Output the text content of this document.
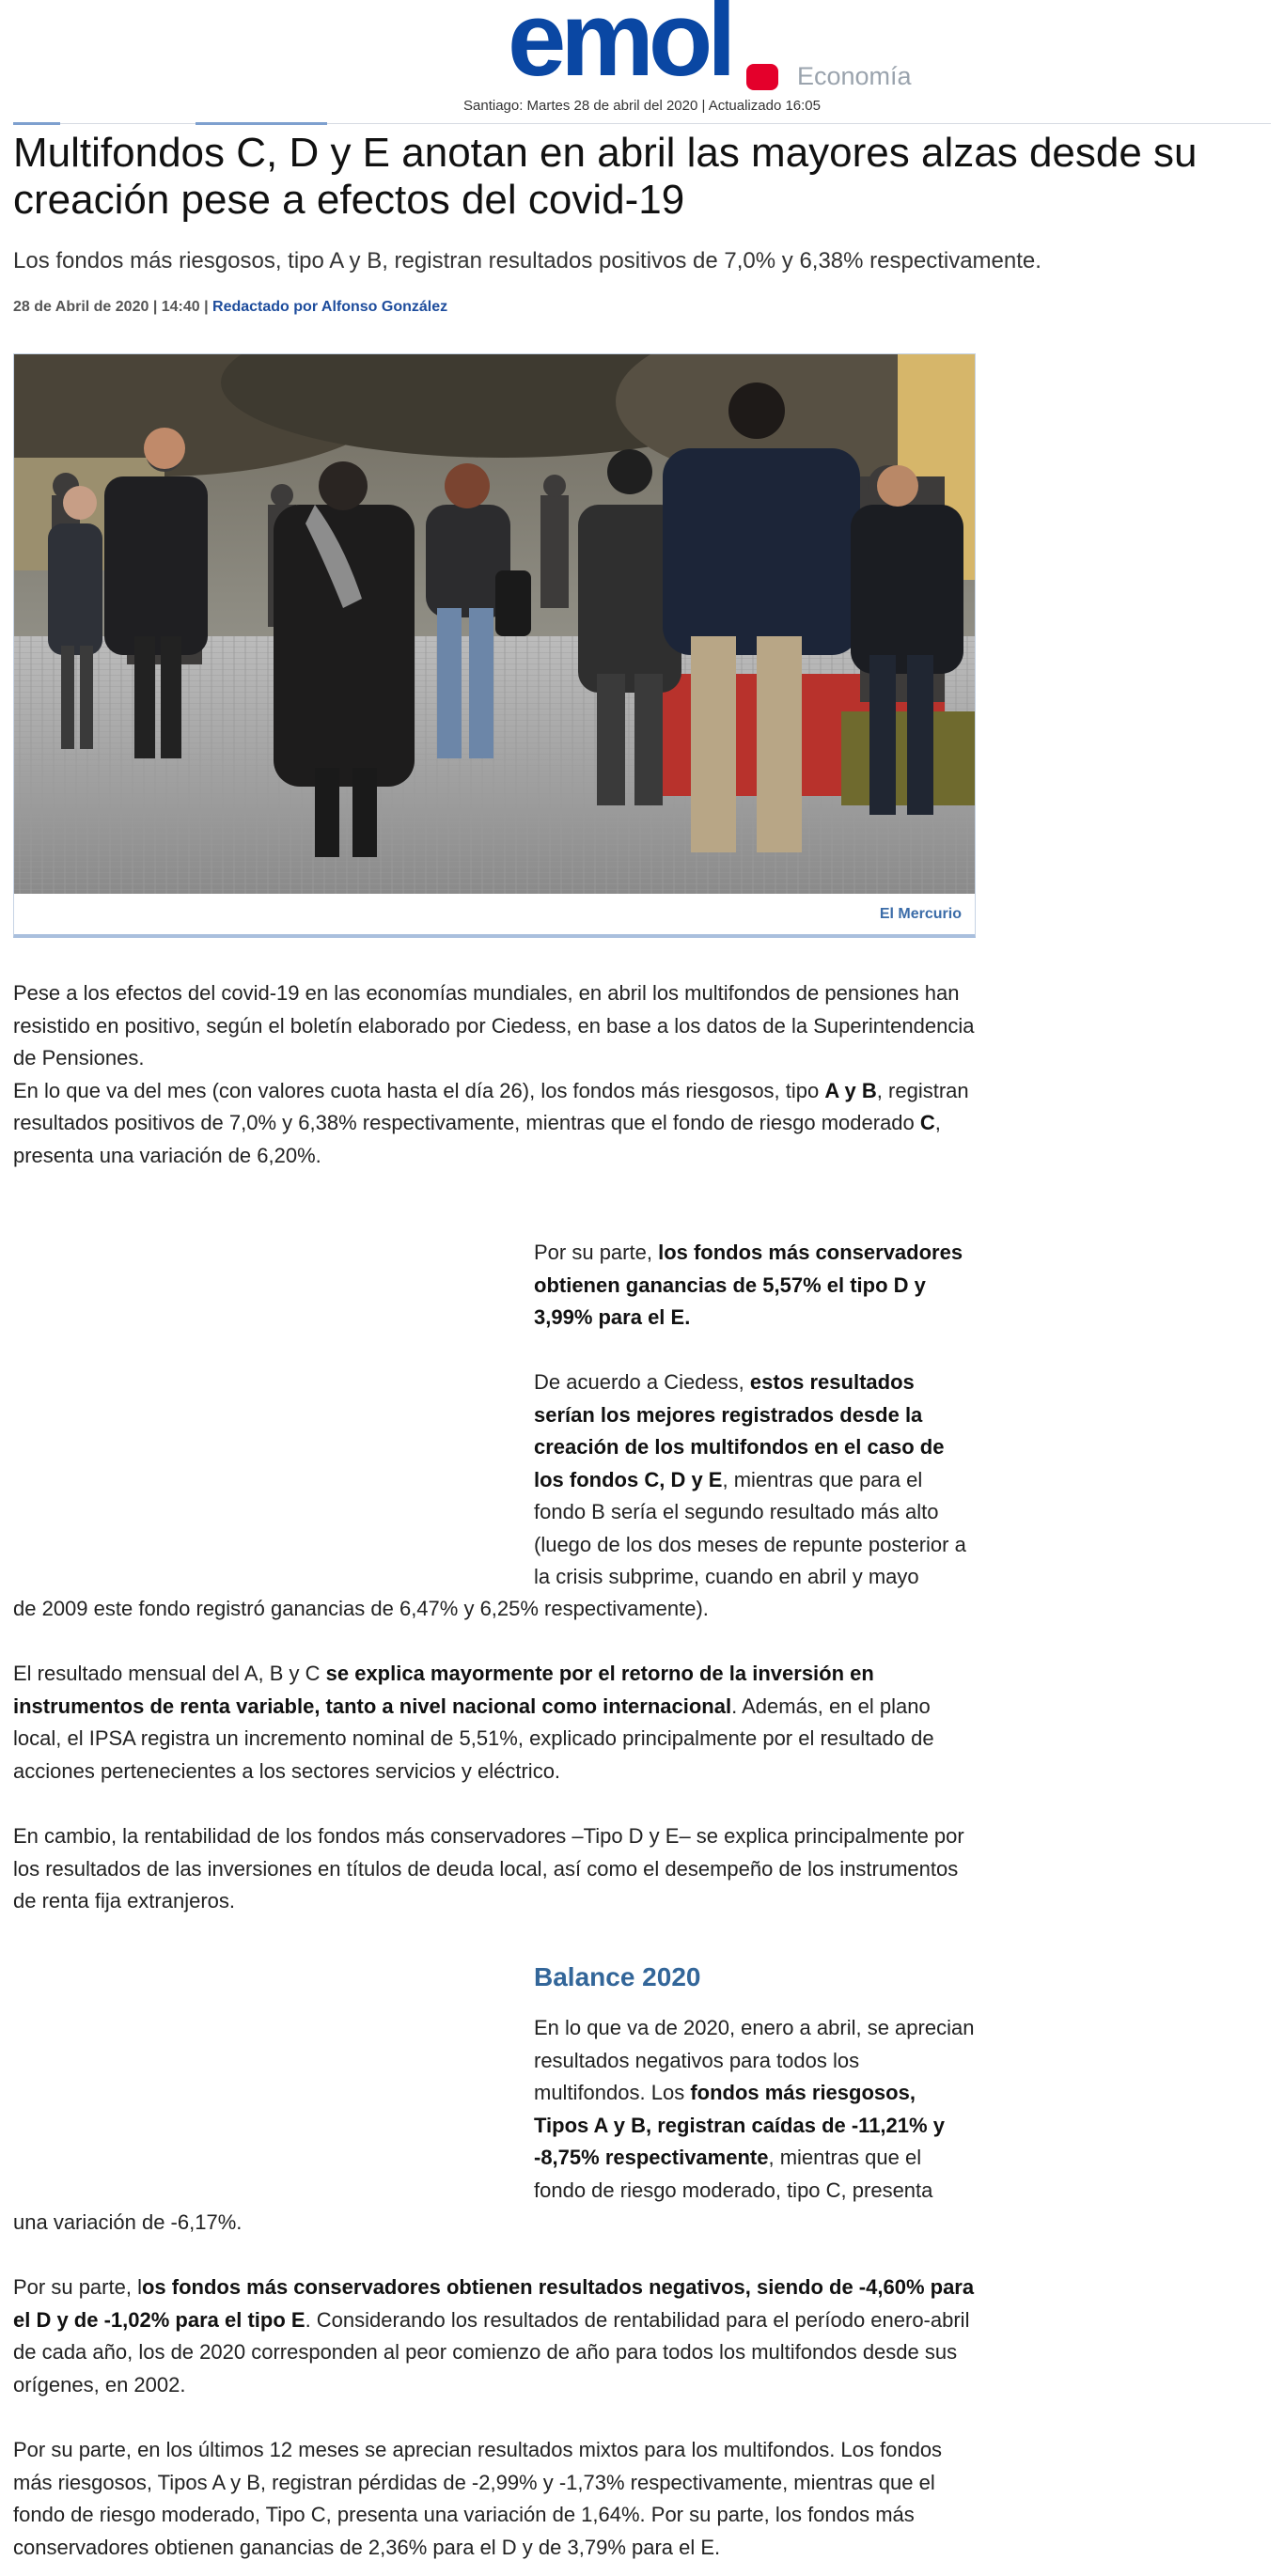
emol	Economía
Santiago: Martes 28 de abril del 2020 | Actualizado 16:05
Multifondos C, D y E anotan en abril las mayores alzas desde su creación pese a efectos del covid-19

Los fondos más riesgosos, tipo A y B, registran resultados positivos de 7,0% y 6,38% respectivamente.

28 de Abril de 2020 | 14:40 | Redactado por Alfonso González

El Mercurio
Pese a los efectos del covid-19 en las economías mundiales, en abril los multifondos de pensiones han resistido en positivo, según el boletín elaborado por Ciedess, en base a los datos de la Superintendencia de Pensiones.
En lo que va del mes (con valores cuota hasta el día 26), los fondos más riesgosos, tipo A y B, registran resultados positivos de 7,0% y 6,38% respectivamente, mientras que el fondo de riesgo moderado C, presenta una variación de 6,20%.
Por su parte, los fondos más conservadores obtienen ganancias de 5,57% el tipo D y 3,99% para el E.
De acuerdo a Ciedess, estos resultados serían los mejores registrados desde la creación de los multifondos en el caso de los fondos C, D y E, mientras que para el fondo B sería el segundo resultado más alto (luego de los dos meses de repunte posterior a la crisis subprime, cuando en abril y mayo
de 2009 este fondo registró ganancias de 6,47% y 6,25% respectivamente).
El resultado mensual del A, B y C se explica mayormente por el retorno de la inversión en instrumentos de renta variable, tanto a nivel nacional como internacional. Además, en el plano local, el IPSA registra un incremento nominal de 5,51%, explicado principalmente por el resultado de acciones pertenecientes a los sectores servicios y eléctrico.
En cambio, la rentabilidad de los fondos más conservadores –Tipo D y E– se explica principalmente por los resultados de las inversiones en títulos de deuda local, así como el desempeño de los instrumentos de renta fija extranjeros.
Balance 2020
En lo que va de 2020, enero a abril, se aprecian resultados negativos para todos los multifondos. Los fondos más riesgosos, Tipos A y B, registran caídas de -11,21% y -8,75% respectivamente, mientras que el fondo de riesgo moderado, tipo C, presenta
una variación de -6,17%.
Por su parte, los fondos más conservadores obtienen resultados negativos, siendo de -4,60% para el D y de -1,02% para el tipo E. Considerando los resultados de rentabilidad para el período enero-abril de cada año, los de 2020 corresponden al peor comienzo de año para todos los multifondos desde sus orígenes, en 2002.
Por su parte, en los últimos 12 meses se aprecian resultados mixtos para los multifondos. Los fondos más riesgosos, Tipos A y B, registran pérdidas de -2,99% y -1,73% respectivamente, mientras que el fondo de riesgo moderado, Tipo C, presenta una variación de 1,64%. Por su parte, los fondos más conservadores obtienen ganancias de 2,36% para el D y de 3,79% para el E.
